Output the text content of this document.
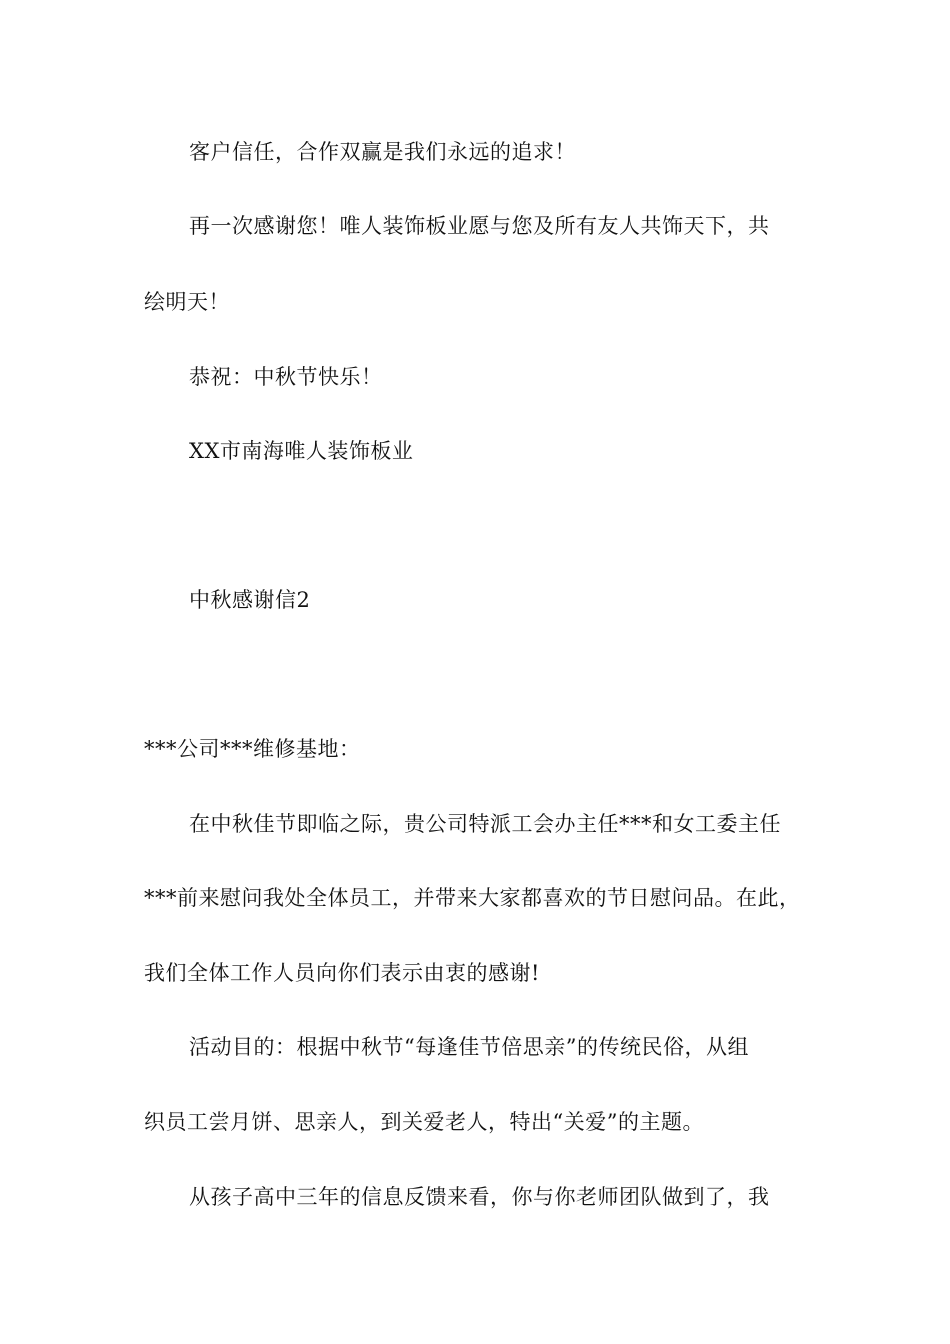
客户信任，合作双赢是我们永远的追求！
再一次感谢您！唯人装饰板业愿与您及所有友人共饰天下，共
绘明天！
恭祝：中秋节快乐！
XX市南海唯人装饰板业
中秋感谢信2
***公司***维修基地：
在中秋佳节即临之际，贵公司特派工会办主任***和女工委主任
***前来慰问我处全体员工，并带来大家都喜欢的节日慰问品。在此，
我们全体工作人员向你们表示由衷的感谢!
活动目的：根据中秋节“每逢佳节倍思亲”的传统民俗，从组
织员工尝月饼、思亲人，到关爱老人，特出“关爱”的主题。
从孩子高中三年的信息反馈来看，你与你老师团队做到了，我
